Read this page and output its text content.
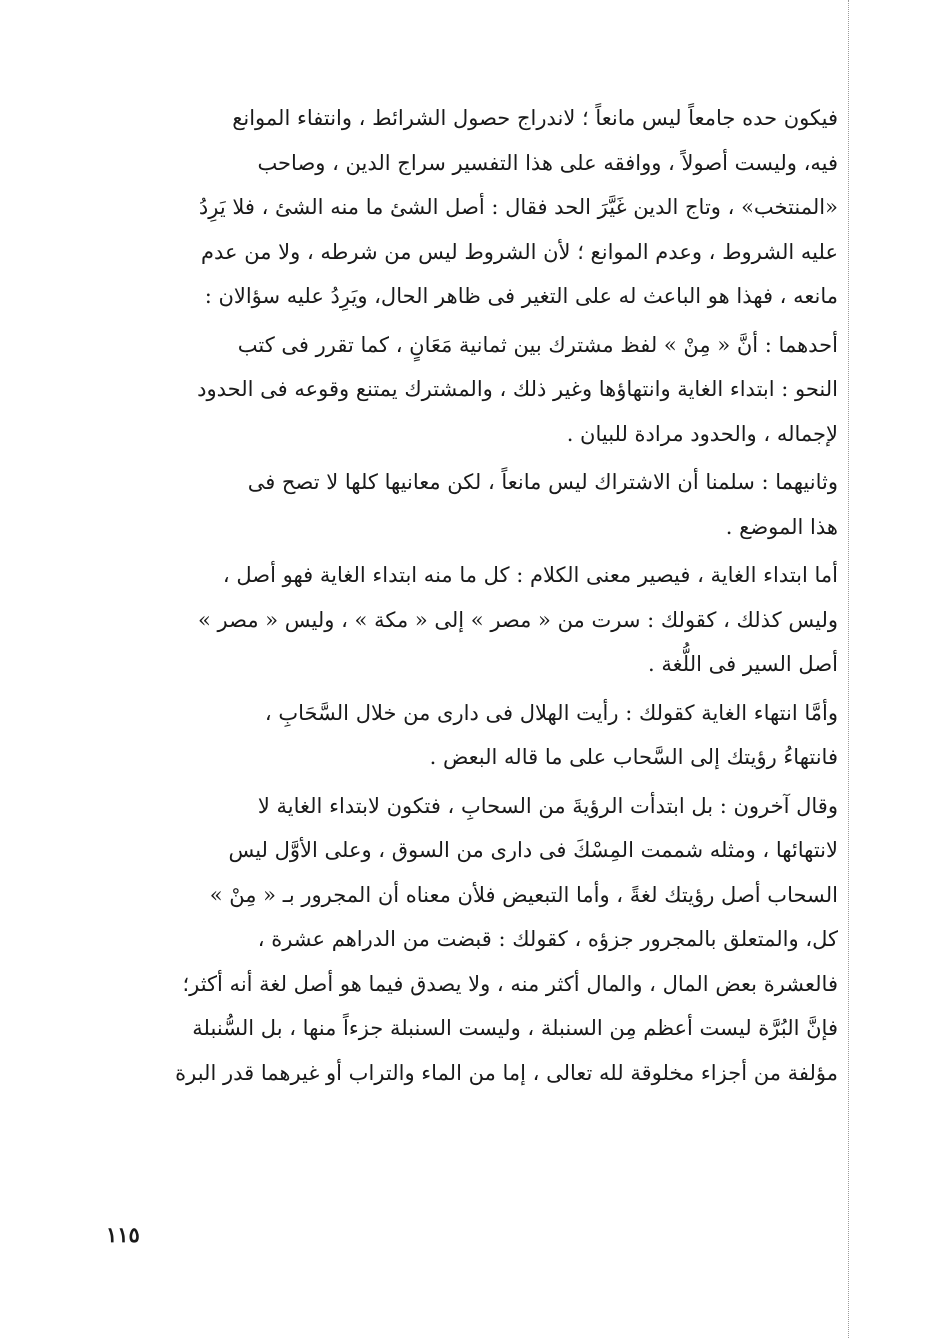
فيكون حده جامعاً ليس مانعاً ؛ لاندراج حصول الشرائط ، وانتفاء الموانع
فيه، وليست أصولاً ، ووافقه على هذا التفسير سراج الدين ، وصاحب
«المنتخب» ، وتاج الدين غَيَّرَ الحد فقال : أصل الشئ ما منه الشئ ، فلا يَرِدُ
عليه الشروط ، وعدم الموانع ؛ لأن الشروط ليس من شرطه ، ولا من عدم
مانعه ، فهذا هو الباعث له على التغير فى ظاهر الحال، ويَرِدُ عليه سؤالان :
أحدهما : أنَّ « مِنْ » لفظ مشترك بين ثمانية مَعَانٍ ، كما تقرر فى كتب
النحو : ابتداء الغاية وانتهاؤها وغير ذلك ، والمشترك يمتنع وقوعه فى الحدود
لإجماله ، والحدود مرادة للبيان .
وثانيهما : سلمنا أن الاشتراك ليس مانعاً ، لكن معانيها كلها لا تصح فى
هذا الموضع .
أما ابتداء الغاية ، فيصير معنى الكلام : كل ما منه ابتداء الغاية فهو أصل ،
وليس كذلك ، كقولك : سرت من « مصر » إلى « مكة » ، وليس « مصر »
أصل السير فى اللُّغة .
وأمَّا انتهاء الغاية كقولك : رأيت الهلال فى دارى من خلال السَّحَابِ ،
فانتهاءُ رؤيتك إلى السَّحاب على ما قاله البعض .
وقال آخرون : بل ابتدأت الرؤيةَ من السحابِ ، فتكون لابتداء الغاية لا
لانتهائها ، ومثله شممت المِسْكَ فى دارى من السوق ، وعلى الأوَّل ليس
السحاب أصل رؤيتك لغةً ، وأما التبعيض فلأن معناه أن المجرور بـ « مِنْ »
كل، والمتعلق بالمجرور جزؤه ، كقولك : قبضت من الدراهم عشرة ،
فالعشرة بعض المال ، والمال أكثر منه ، ولا يصدق فيما هو أصل لغة أنه أكثر؛
فإنَّ البُرَّة ليست أعظم مِن السنبلة ، وليست السنبلة جزءاً منها ، بل السُّنبلة
مؤلفة من أجزاء مخلوقة لله تعالى ، إما من الماء والتراب أو غيرهما قدر البرة
١١٥
